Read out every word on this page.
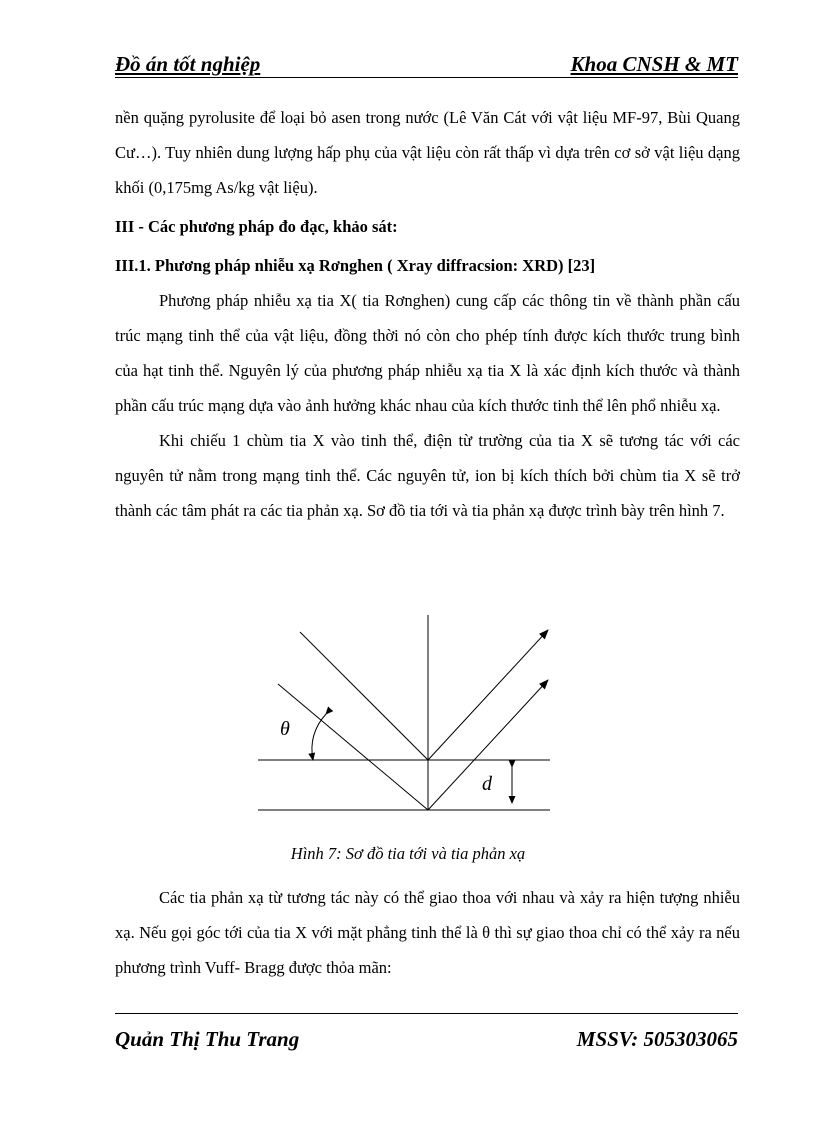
Đồ án tốt nghiệp	Khoa CNSH & MT

nền quặng pyrolusite để loại bỏ asen trong nước (Lê Văn Cát với vật liệu MF-97, Bùi Quang Cư…). Tuy nhiên dung lượng hấp phụ của vật liệu còn rất thấp vì dựa trên cơ sở vật liệu dạng khối (0,175mg As/kg vật liệu).

III - Các phương pháp đo đạc, khảo sát:

III.1. Phương pháp nhiễu xạ Rơnghen ( Xray diffracsion: XRD) [23]

Phương pháp nhiễu xạ tia X( tia Rơnghen) cung cấp các thông tin về thành phần cấu trúc mạng tinh thể của vật liệu, đồng thời nó còn cho phép tính được kích thước trung bình của hạt tinh thể. Nguyên lý của phương pháp nhiễu xạ tia X là xác định kích thước và thành phần cấu trúc mạng dựa vào ảnh hưởng khác nhau của kích thước tinh thể lên phổ nhiễu xạ.

Khi chiếu 1 chùm tia X vào tinh thể, điện từ trường của tia X sẽ tương tác với các nguyên tử nằm trong mạng tinh thể. Các nguyên tử, ion bị kích thích bởi chùm tia X sẽ trở thành các tâm phát ra các tia phản xạ. Sơ đồ tia tới và tia phản xạ được trình bày trên hình 7.

θ
d
Hình 7: Sơ đồ tia tới và tia phản xạ

Các tia phản xạ từ tương tác này có thể giao thoa với nhau và xảy ra hiện tượng nhiễu xạ. Nếu gọi góc tới của tia X với mặt phẳng tinh thể là θ thì sự giao thoa chỉ có thể xảy ra nếu phương trình Vuff- Bragg được thỏa mãn:

Quản Thị Thu Trang	MSSV: 505303065
